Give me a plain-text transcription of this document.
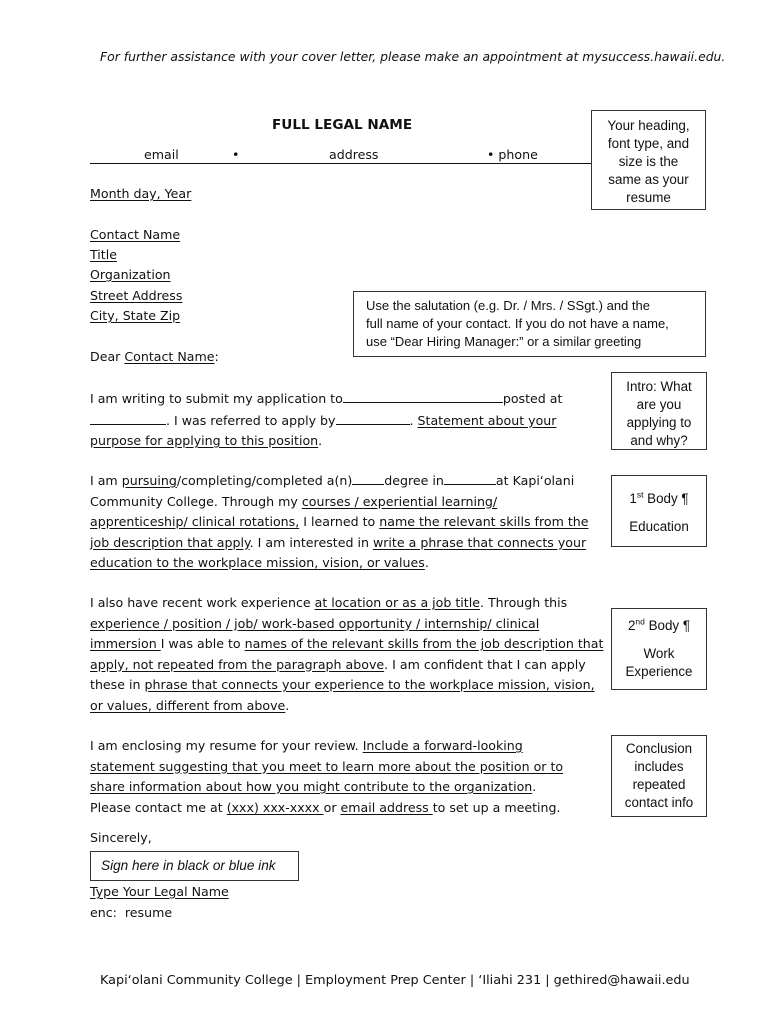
For further assistance with your cover letter, please make an appointment at mysuccess.hawaii.edu.
FULL LEGAL NAME
email	•	address	• phone
Month day, Year
Contact Name
Title
Organization
Street Address
City, State Zip
Dear Contact Name:
I am writing to submit my application to	posted at
. I was referred to apply by	. Statement about your
purpose for applying to this position.
I am pursuing/completing/completed a(n)	degree in	at Kapi‘olani
Community College. Through my courses / experiential learning/
apprenticeship/ clinical rotations, I learned to name the relevant skills from the
job description that apply. I am interested in write a phrase that connects your
education to the workplace mission, vision, or values.
I also have recent work experience at location or as a job title. Through this
experience / position / job/ work-based opportunity / internship/ clinical
immersion I was able to names of the relevant skills from the job description that
apply, not repeated from the paragraph above. I am confident that I can apply
these in phrase that connects your experience to the workplace mission, vision,
or values, different from above.
I am enclosing my resume for your review. Include a forward-looking
statement suggesting that you meet to learn more about the position or to
share information about how you might contribute to the organization.
Please contact me at (xxx) xxx-xxxx or email address to set up a meeting.
Sincerely,
Sign here in black or blue ink
Type Your Legal Name
enc:  resume

Your heading,

font type, and

size is the

same as your

resume

Use the salutation (e.g. Dr. / Mrs. / SSgt.) and the

full name of your contact. If you do not have a name,

use “Dear Hiring Manager:” or a similar greeting

Intro: What

are you

applying to

and why?

1st Body ¶

Education

2nd Body ¶

Work

Experience

Conclusion

includes

repeated

contact info

Kapi‘olani Community College | Employment Prep Center | ‘Iliahi 231 | gethired@hawaii.edu
